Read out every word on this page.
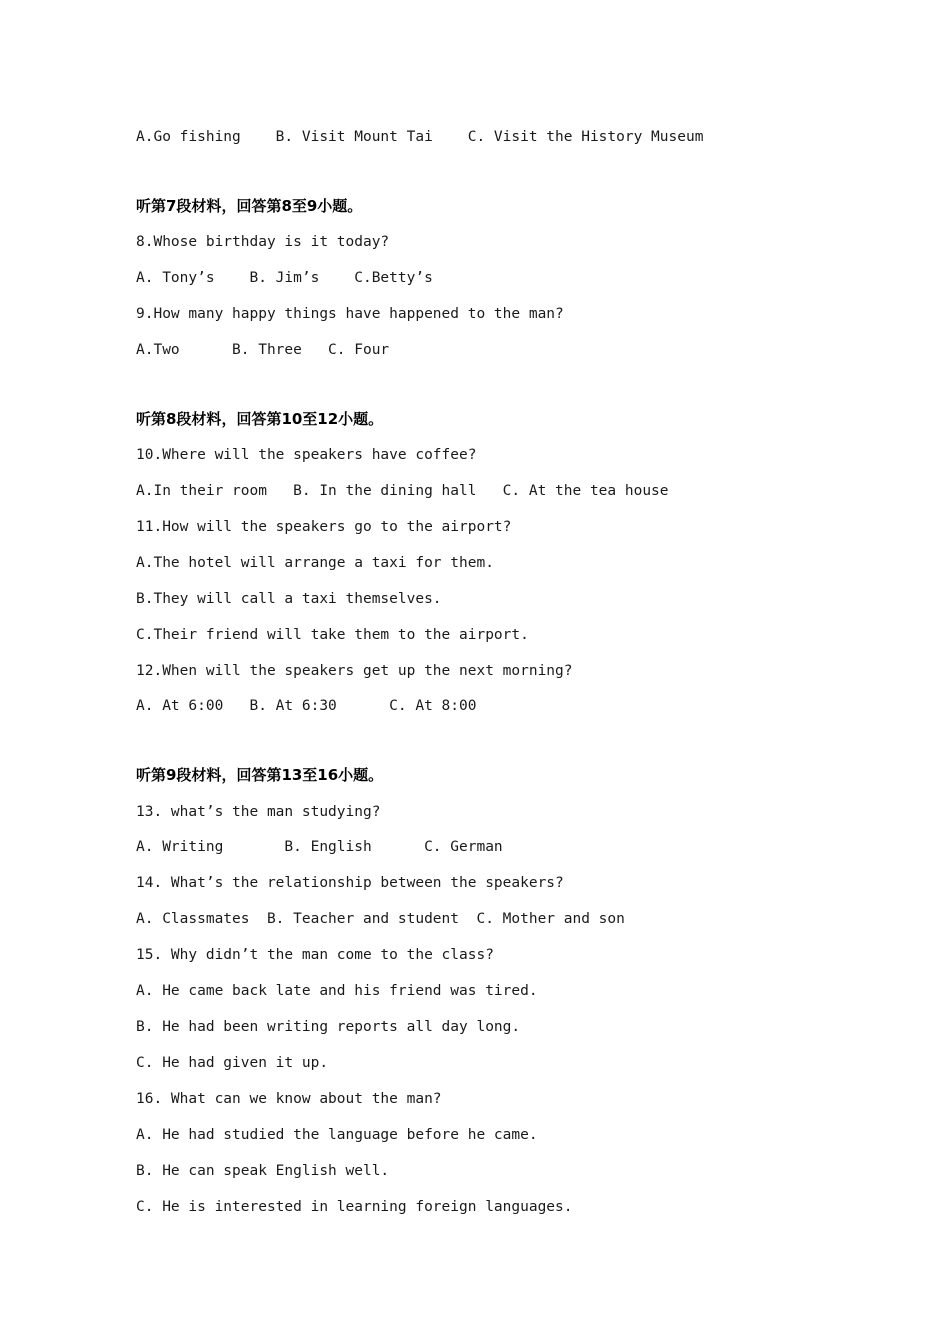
A.Go fishing    B. Visit Mount Tai    C. Visit the History Museum
听第7段材料，回答第8至9小题。
8.Whose birthday is it today?
A. Tony’s    B. Jim’s    C.Betty’s
9.How many happy things have happened to the man?
A.Two      B. Three   C. Four
听第8段材料，回答第10至12小题。
10.Where will the speakers have coffee?
A.In their room   B. In the dining hall   C. At the tea house
11.How will the speakers go to the airport?
A.The hotel will arrange a taxi for them.
B.They will call a taxi themselves.
C.Their friend will take them to the airport.
12.When will the speakers get up the next morning?
A. At 6:00   B. At 6:30      C. At 8:00
听第9段材料，回答第13至16小题。
13. what’s the man studying?
A. Writing       B. English      C. German
14. What’s the relationship between the speakers?
A. Classmates  B. Teacher and student  C. Mother and son
15. Why didn’t the man come to the class?
A. He came back late and his friend was tired.
B. He had been writing reports all day long.
C. He had given it up.
16. What can we know about the man?
A. He had studied the language before he came.
B. He can speak English well.
C. He is interested in learning foreign languages.
